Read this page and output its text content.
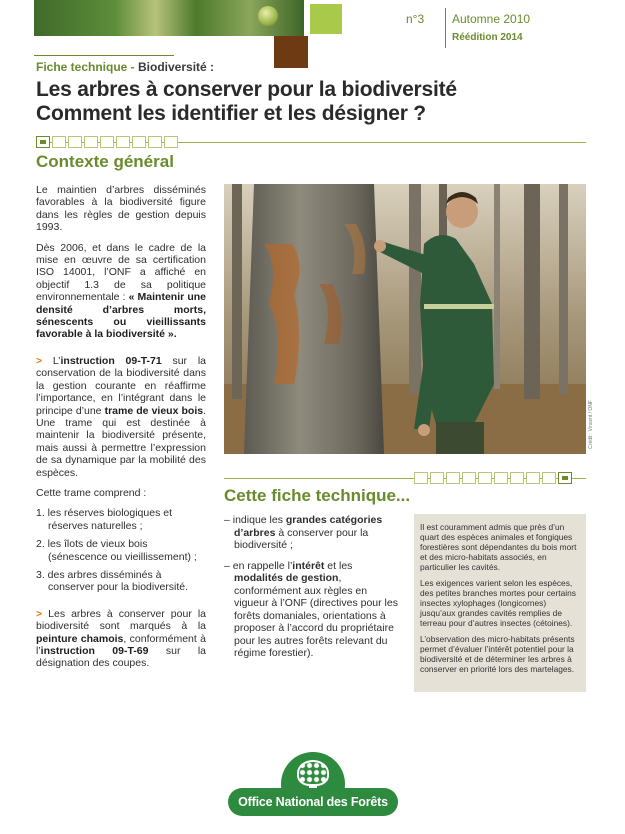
n°3 Automne 2010
Réédition 2014
Fiche technique - Biodiversité :
Les arbres à conserver pour la biodiversité
Comment les identifier et les désigner ?
Contexte général

Le maintien d’arbres disséminés favorables à la biodiversité figure dans les règles de gestion depuis 1993.

Dès 2006, et dans le cadre de la mise en œuvre de sa certification ISO 14001, l’ONF a affiché en objectif 1.3 de sa politique environnementale : « Maintenir une densité d’arbres morts, sénescents ou vieillissants favorable à la biodiversité ».

> L’instruction 09-T-71 sur la conservation de la biodiversité dans la gestion courante en réaffirme l’importance, en l’intégrant dans le principe d’une trame de vieux bois. Une trame qui est destinée à maintenir la biodiversité présente, mais aussi à permettre l’expression de sa dynamique par la mobilité des espèces.

Cette trame comprend :

1. les réserves biologiques et réserves naturelles ;
2. les îlots de vieux bois (sénescence ou vieillissement) ;
3. des arbres disséminés à conserver pour la biodiversité.

> Les arbres à conserver pour la biodiversité sont marqués à la peinture chamois, conformément à l’instruction 09-T-69 sur la désignation des coupes.

Crédit : Vincent / ONF
Cette fiche technique...
– indique les grandes catégories d’arbres à conserver pour la biodiversité ;
– en rappelle l’intérêt et les modalités de gestion, conformément aux règles en vigueur à l’ONF (directives pour les forêts domaniales, orientations à proposer à l’accord du propriétaire pour les autres forêts relevant du régime forestier).

Il est couramment admis que près d’un quart des espèces animales et fongiques forestières sont dépendantes du bois mort et des micro-habitats associés, en particulier les cavités.

Les exigences varient selon les espèces, des petites branches mortes pour certains insectes xylophages (longicornes) jusqu’aux grandes cavités remplies de terreau pour d’autres insectes (cétoines).

L’observation des micro-habitats présents permet d’évaluer l’intérêt potentiel pour la biodiversité et de déterminer les arbres à conserver en priorité lors des martelages.

Office National des Forêts
